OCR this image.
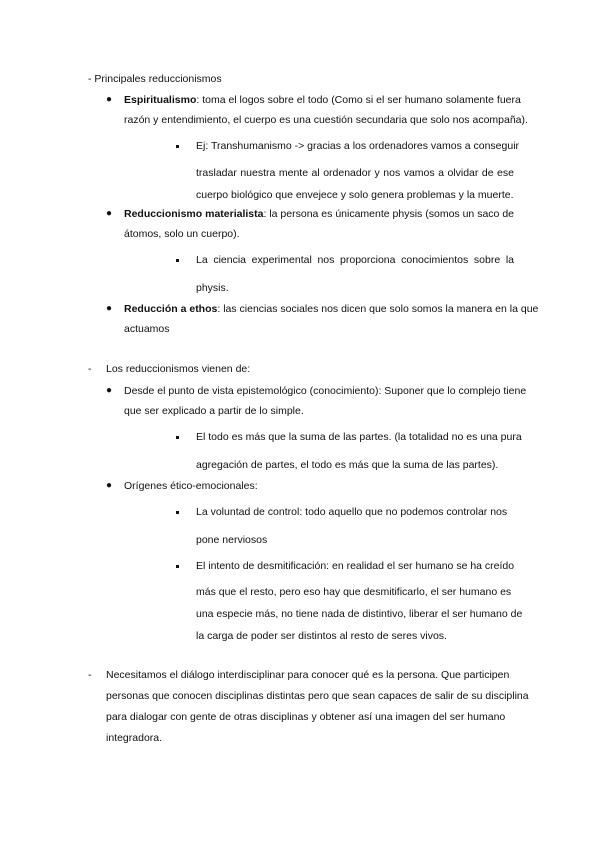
- Principales reduccionismos
● Espiritualismo: toma el logos sobre el todo (Como si el ser humano solamente fuera
razón y entendimiento, el cuerpo es una cuestión secundaria que solo nos acompaña).
Ej: Transhumanismo -> gracias a los ordenadores vamos a conseguir
trasladar nuestra mente al ordenador y nos vamos a olvidar de ese
cuerpo biológico que envejece y solo genera problemas y la muerte.
● Reduccionismo materialista: la persona es únicamente physis (somos un saco de
átomos, solo un cuerpo).
La ciencia experimental nos proporciona conocimientos sobre la
physis.
● Reducción a ethos: las ciencias sociales nos dicen que solo somos la manera en la que
actuamos
- Los reduccionismos vienen de:
● Desde el punto de vista epistemológico (conocimiento): Suponer que lo complejo tiene
que ser explicado a partir de lo simple.
El todo es más que la suma de las partes. (la totalidad no es una pura
agregación de partes, el todo es más que la suma de las partes).
● Orígenes ético-emocionales:
La voluntad de control: todo aquello que no podemos controlar nos
pone nerviosos
El intento de desmitificación: en realidad el ser humano se ha creído
más que el resto, pero eso hay que desmitificarlo, el ser humano es
una especie más, no tiene nada de distintivo, liberar el ser humano de
la carga de poder ser distintos al resto de seres vivos.
- Necesitamos el diálogo interdisciplinar para conocer qué es la persona. Que participen
personas que conocen disciplinas distintas pero que sean capaces de salir de su disciplina
para dialogar con gente de otras disciplinas y obtener así una imagen del ser humano
integradora.
